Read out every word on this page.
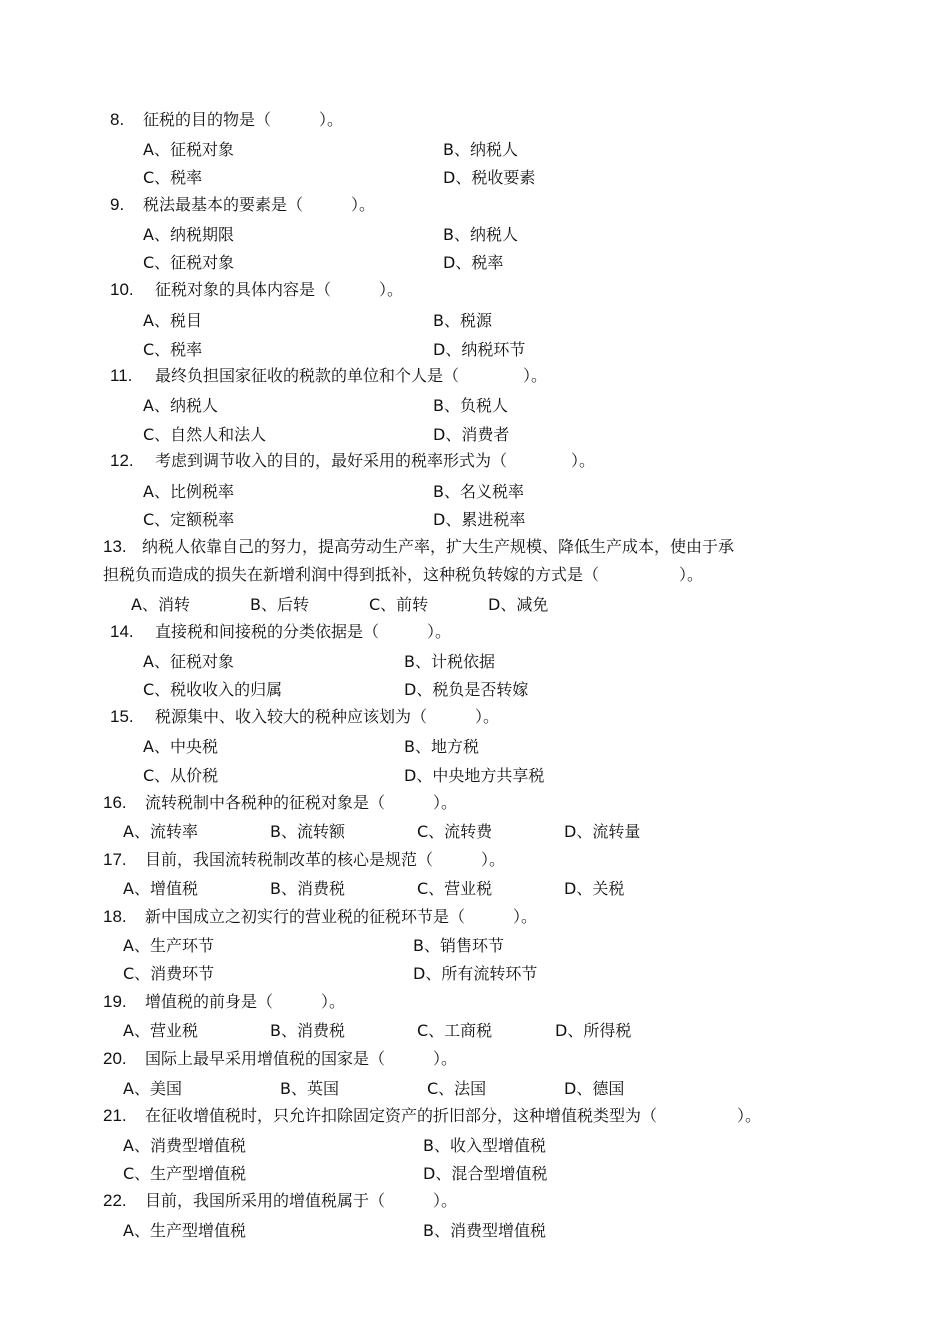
8. 征税的目的物是（　　　）。
A、征税对象	B、纳税人
C、税率	D、税收要素
9. 税法最基本的要素是（　　　）。
A、纳税期限	B、纳税人
C、征税对象	D、税率
10. 征税对象的具体内容是（　　　）。
A、税目	B、税源
C、税率	D、纳税环节
11. 最终负担国家征收的税款的单位和个人是（　　　　）。
A、纳税人	B、负税人
C、自然人和法人	D、消费者
12. 考虑到调节收入的目的，最好采用的税率形式为（　　　　）。
A、比例税率	B、名义税率
C、定额税率	D、累进税率
13. 纳税人依靠自己的努力，提高劳动生产率，扩大生产规模、降低生产成本，使由于承
担税负而造成的损失在新增利润中得到抵补，这种税负转嫁的方式是（　　　　　）。
A、消转	B、后转	C、前转	D、减免
14. 直接税和间接税的分类依据是（　　　）。
A、征税对象	B、计税依据
C、税收收入的归属	D、税负是否转嫁
15. 税源集中、收入较大的税种应该划为（　　　）。
A、中央税	B、地方税
C、从价税	D、中央地方共享税
16. 流转税制中各税种的征税对象是（　　　）。
A、流转率	B、流转额	C、流转费	D、流转量
17. 目前，我国流转税制改革的核心是规范（　　　）。
A、增值税	B、消费税	C、营业税	D、关税
18. 新中国成立之初实行的营业税的征税环节是（　　　）。
A、生产环节	B、销售环节
C、消费环节	D、所有流转环节
19. 增值税的前身是（　　　）。
A、营业税	B、消费税	C、工商税	D、所得税
20. 国际上最早采用增值税的国家是（　　　）。
A、美国	B、英国	C、法国	D、德国
21. 在征收增值税时，只允许扣除固定资产的折旧部分，这种增值税类型为（　　　　　）。
A、消费型增值税	B、收入型增值税
C、生产型增值税	D、混合型增值税
22. 目前，我国所采用的增值税属于（　　　）。
A、生产型增值税	B、消费型增值税
